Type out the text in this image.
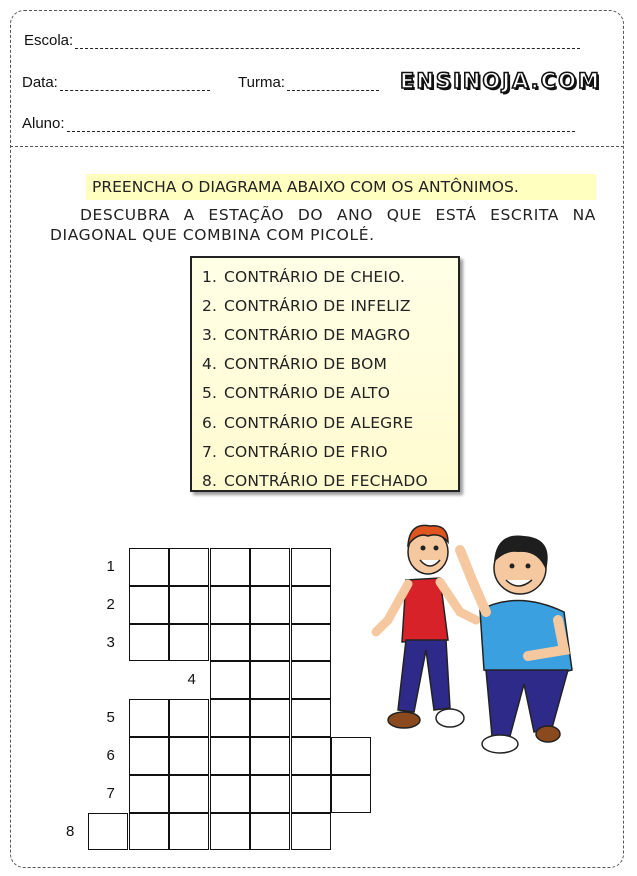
Escola:
Data:	Turma:	ENSINOJA.COM
Aluno:
PREENCHA O DIAGRAMA ABAIXO COM OS ANTÔNIMOS.
DESCUBRA A ESTAÇÃO DO ANO QUE ESTÁ ESCRITA NA DIAGONAL QUE COMBINA COM PICOLÉ.
1. CONTRÁRIO DE CHEIO.
2. CONTRÁRIO DE INFELIZ
3. CONTRÁRIO DE MAGRO
4. CONTRÁRIO DE BOM
5. CONTRÁRIO DE ALTO
6. CONTRÁRIO DE ALEGRE
7. CONTRÁRIO DE FRIO
8. CONTRÁRIO DE FECHADO
1
2
3
4
5
6
7
8
